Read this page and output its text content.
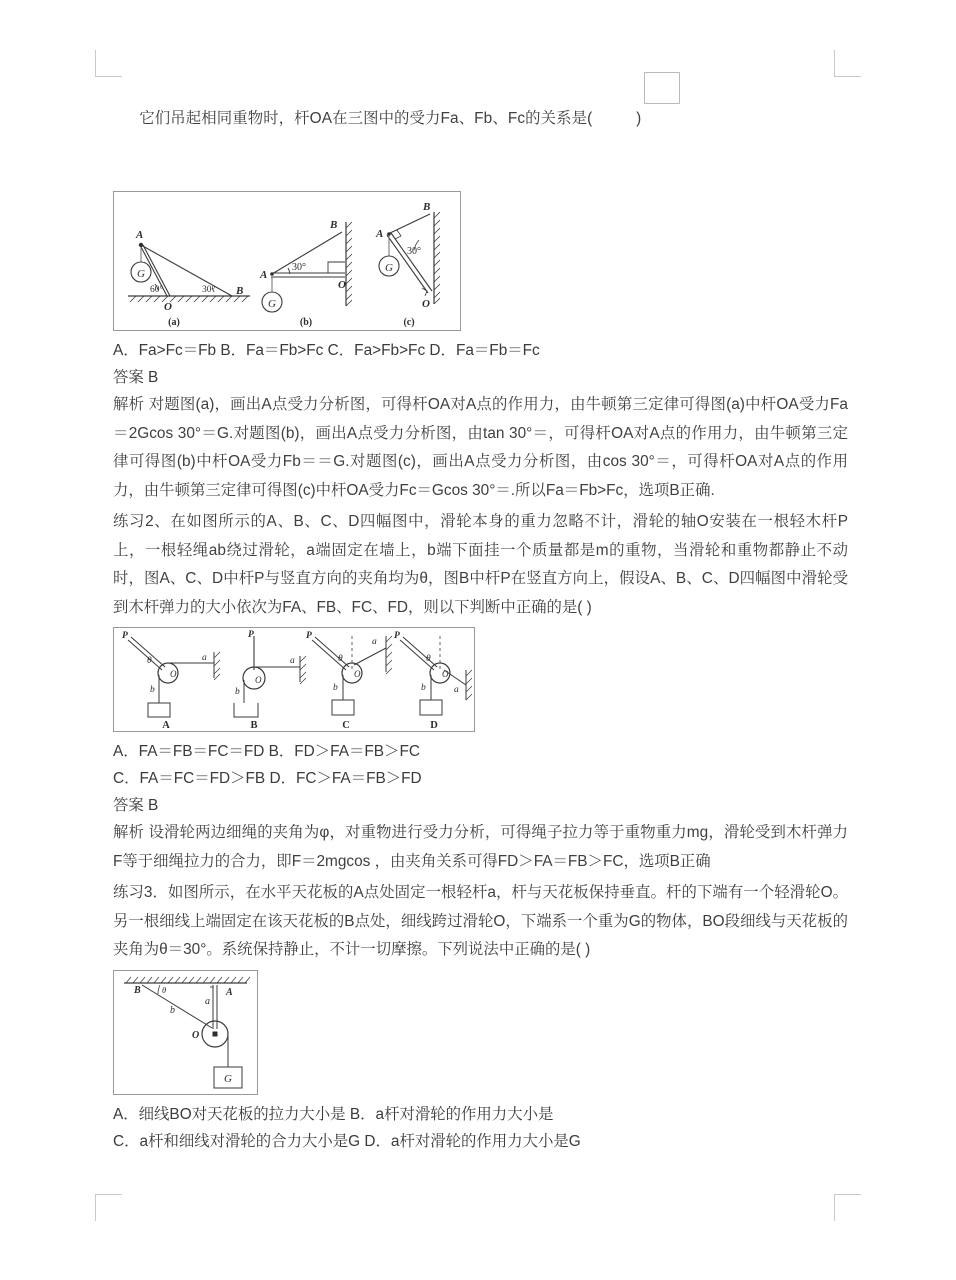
它们吊起相同重物时，杆OA在三图中的受力Fa、Fb、Fc的关系是(          )

G
60°	30°
A
O
B
(a)
30°
G
A
O
B
(b)
30°
G
A
B
O
(c)
A．Fa>Fc＝Fb B．Fa＝Fb>Fc C．Fa>Fb>Fc D．Fa＝Fb＝Fc
答案 B

解析 对题图(a)，画出A点受力分析图，可得杆OA对A点的作用力，由牛顿第三定律可得图(a)中杆OA受力Fa＝2Gcos 30°＝G.对题图(b)，画出A点受力分析图，由tan 30°＝，可得杆OA对A点的作用力，由牛顿第三定律可得图(b)中杆OA受力Fb＝＝G.对题图(c)，画出A点受力分析图，由cos 30°＝，可得杆OA对A点的作用力，由牛顿第三定律可得图(c)中杆OA受力Fc＝Gcos 30°＝.所以Fa＝Fb>Fc，选项B正确.

练习2、在如图所示的A、B、C、D四幅图中，滑轮本身的重力忽略不计，滑轮的轴O安装在一根轻木杆P上，一根轻绳ab绕过滑轮，a端固定在墙上，b端下面挂一个质量都是m的重物，当滑轮和重物都静止不动时，图A、C、D中杆P与竖直方向的夹角均为θ，图B中杆P在竖直方向上，假设A、B、C、D四幅图中滑轮受到木杆弹力的大小依次为FA、FB、FC、FD，则以下判断中正确的是( )

O
P
θ	a
b
A
O
P
a
b
B
O
P
θ
a
b
C
O
P
θ
a
b
D
A．FA＝FB＝FC＝FD B．FD＞FA＝FB＞FC
C．FA＝FC＝FD＞FB D．FC＞FA＝FB＞FD
答案 B

解析 设滑轮两边细绳的夹角为φ，对重物进行受力分析，可得绳子拉力等于重物重力mg，滑轮受到木杆弹力F等于细绳拉力的合力，即F＝2mgcos ，由夹角关系可得FD＞FA＝FB＞FC，选项B正确

练习3．如图所示，在水平天花板的A点处固定一根轻杆a，杆与天花板保持垂直。杆的下端有一个轻滑轮O。另一根细线上端固定在该天花板的B点处，细线跨过滑轮O，下端系一个重为G的物体，BO段细线与天花板的夹角为θ＝30°。系统保持静止，不计一切摩擦。下列说法中正确的是( )

θ
G
B
b
a
A
O
A．细线BO对天花板的拉力大小是 B．a杆对滑轮的作用力大小是
C．a杆和细线对滑轮的合力大小是G D．a杆对滑轮的作用力大小是G
